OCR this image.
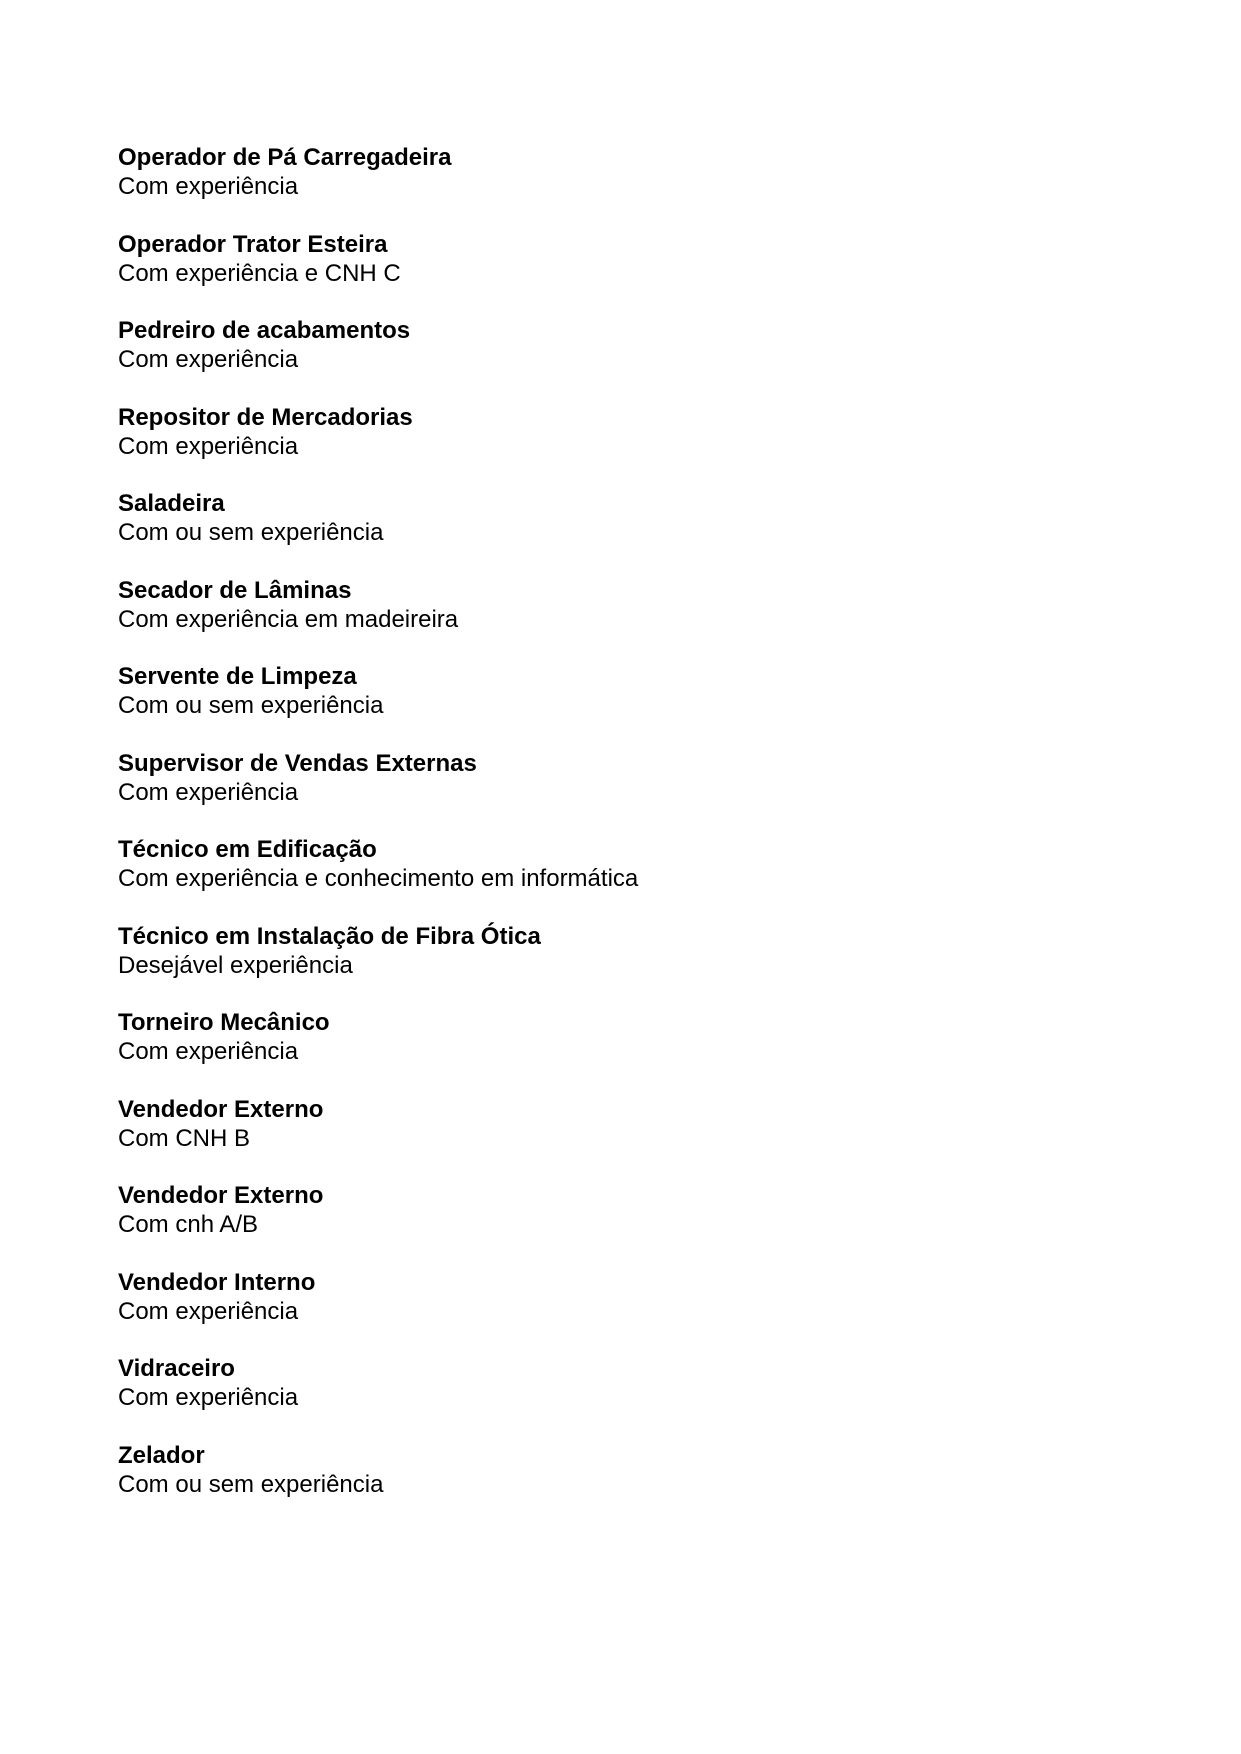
Operador de Pá Carregadeira
Com experiência
Operador Trator Esteira
Com experiência e CNH C
Pedreiro de acabamentos
Com experiência
Repositor de Mercadorias
Com experiência
Saladeira
Com ou sem experiência
Secador de Lâminas
Com experiência em madeireira
Servente de Limpeza
Com ou sem experiência
Supervisor de Vendas Externas
Com experiência
Técnico em Edificação
Com experiência e conhecimento em informática
Técnico em Instalação de Fibra Ótica
Desejável experiência
Torneiro Mecânico
Com experiência
Vendedor Externo
Com CNH B
Vendedor Externo
Com cnh A/B
Vendedor Interno
Com experiência
Vidraceiro
Com experiência
Zelador
Com ou sem experiência
